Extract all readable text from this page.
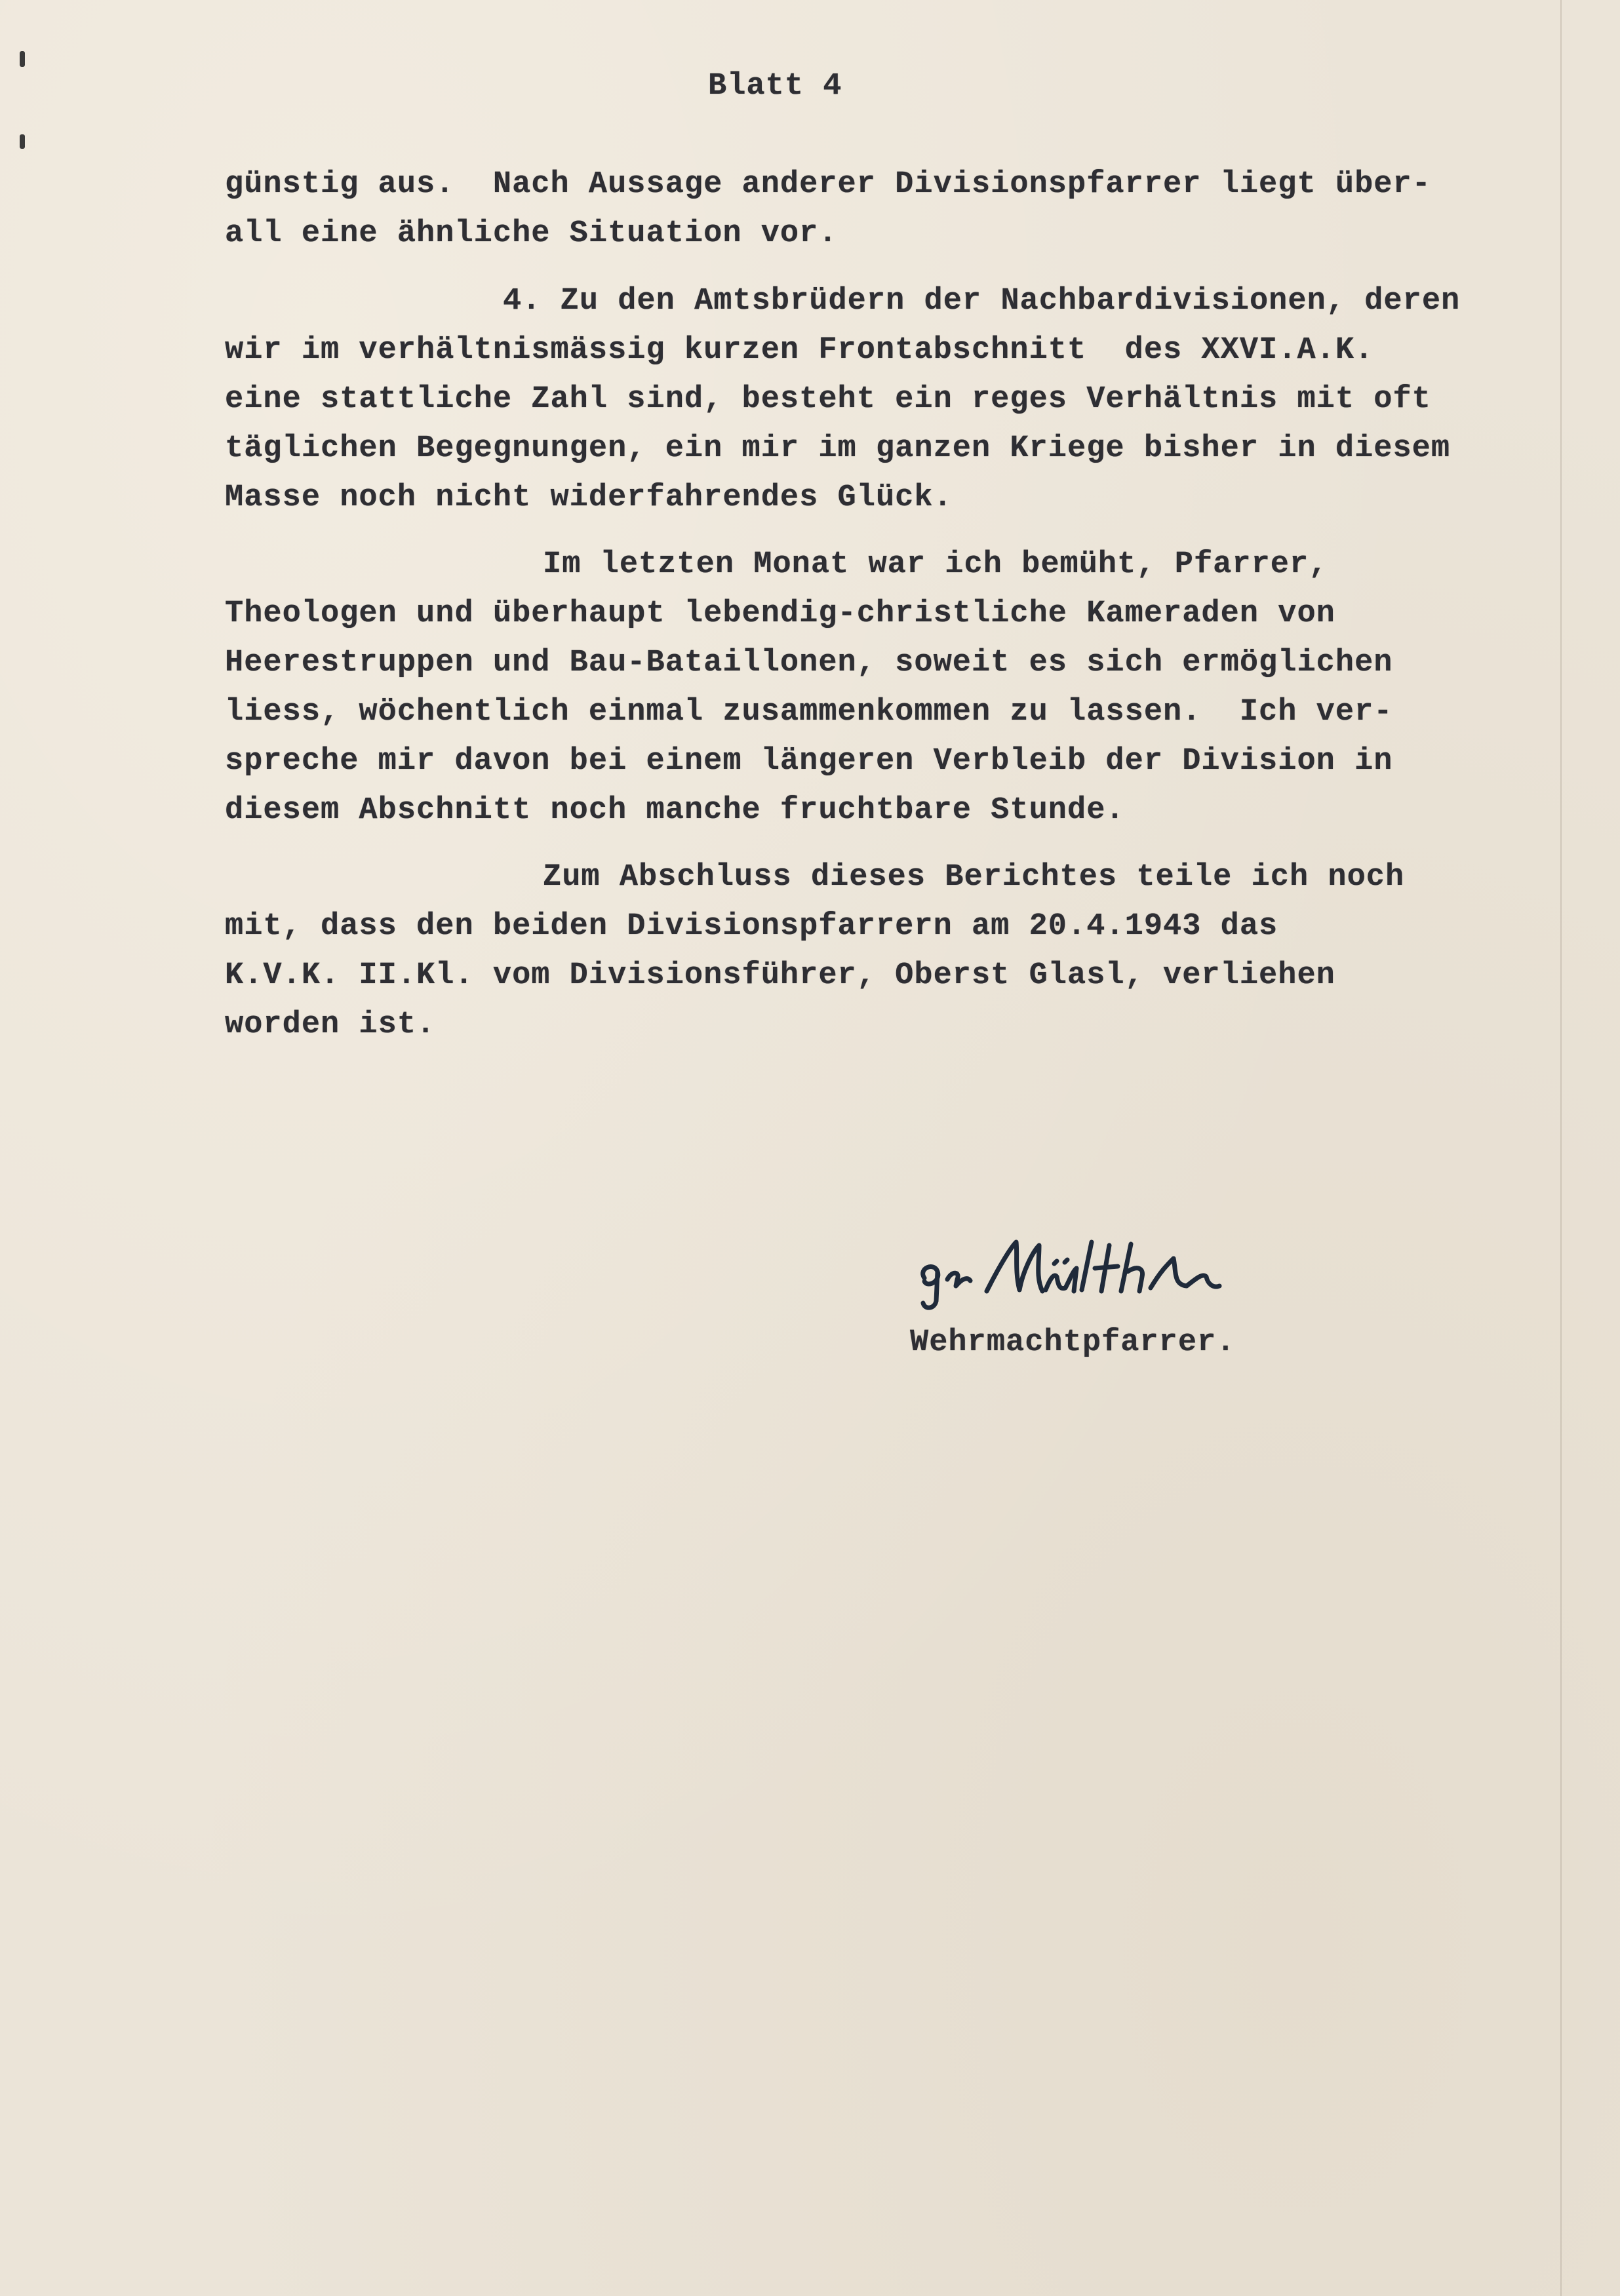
Blatt 4
günstig aus.  Nach Aussage anderer Divisionspfarrer liegt über-
all eine ähnliche Situation vor.
4. Zu den Amtsbrüdern der Nachbardivisionen, deren
wir im verhältnismässig kurzen Frontabschnitt  des XXVI.A.K.
eine stattliche Zahl sind, besteht ein reges Verhältnis mit oft
täglichen Begegnungen, ein mir im ganzen Kriege bisher in diesem
Masse noch nicht widerfahrendes Glück.
Im letzten Monat war ich bemüht, Pfarrer,
Theologen und überhaupt lebendig-christliche Kameraden von
Heerestruppen und Bau-Bataillonen, soweit es sich ermöglichen
liess, wöchentlich einmal zusammenkommen zu lassen.  Ich ver-
spreche mir davon bei einem längeren Verbleib der Division in
diesem Abschnitt noch manche fruchtbare Stunde.
Zum Abschluss dieses Berichtes teile ich noch
mit, dass den beiden Divisionspfarrern am 20.4.1943 das
K.V.K. II.Kl. vom Divisionsführer, Oberst Glasl, verliehen
worden ist.
Wehrmachtpfarrer.
